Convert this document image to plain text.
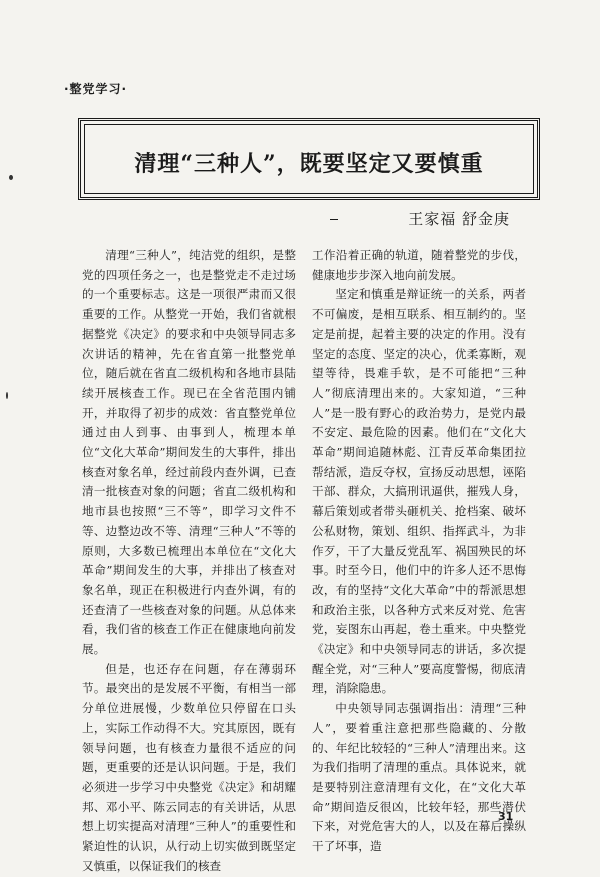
·整党学习·
清理“三种人”，既要坚定又要慎重
王家福 舒金庚

清理“三种人”，纯洁党的组织，是整党的四项任务之一，也是整党走不走过场的一个重要标志。这是一项很严肃而又很重要的工作。从整党一开始，我们省就根据整党《决定》的要求和中央领导同志多次讲话的精神，先在省直第一批整党单位，随后就在省直二级机构和各地市县陆续开展核查工作。现已在全省范围内铺开，并取得了初步的成效：省直整党单位通过由人到事、由事到人，梳理本单位“文化大革命”期间发生的大事件，排出核查对象名单，经过前段内查外调，已查清一批核查对象的问题；省直二级机构和地市县也按照“三不等”，即学习文件不等、边整边改不等、清理“三种人”不等的原则，大多数已梳理出本单位在“文化大革命”期间发生的大事，并排出了核查对象名单，现正在积极进行内查外调，有的还查清了一些核查对象的问题。从总体来看，我们省的核查工作正在健康地向前发展。

但是，也还存在问题，存在薄弱环节。最突出的是发展不平衡，有相当一部分单位进展慢，少数单位只停留在口头上，实际工作动得不大。究其原因，既有领导问题，也有核查力量很不适应的问题，更重要的还是认识问题。于是，我们必须进一步学习中央整党《决定》和胡耀邦、邓小平、陈云同志的有关讲话，从思想上切实提高对清理“三种人”的重要性和紧迫性的认识，从行动上切实做到既坚定又慎重，以保证我们的核查

工作沿着正确的轨道，随着整党的步伐，健康地步步深入地向前发展。

坚定和慎重是辩证统一的关系，两者不可偏废，是相互联系、相互制约的。坚定是前提，起着主要的决定的作用。没有坚定的态度、坚定的决心，优柔寡断，观望等待，畏难手软，是不可能把“三种人”彻底清理出来的。大家知道，“三种人”是一股有野心的政治势力，是党内最不安定、最危险的因素。他们在“文化大革命”期间追随林彪、江青反革命集团拉帮结派，造反夺权，宣扬反动思想，诬陷干部、群众，大搞刑讯逼供，摧残人身，幕后策划或者带头砸机关、抢档案、破坏公私财物，策划、组织、指挥武斗，为非作歹，干了大量反党乱军、祸国殃民的坏事。时至今日，他们中的许多人还不思悔改，有的坚持“文化大革命”中的帮派思想和政治主张，以各种方式来反对党、危害党，妄图东山再起，卷土重来。中央整党《决定》和中央领导同志的讲话，多次提醒全党，对“三种人”要高度警惕，彻底清理，消除隐患。

中央领导同志强调指出：清理“三种人”，要着重注意把那些隐藏的、分散的、年纪比较轻的“三种人”清理出来。这为我们指明了清理的重点。具体说来，就是要特别注意清理有文化，在“文化大革命”期间造反很凶，比较年轻，那些潜伏下来，对党危害大的人，以及在幕后操纵干了坏事，造

31
